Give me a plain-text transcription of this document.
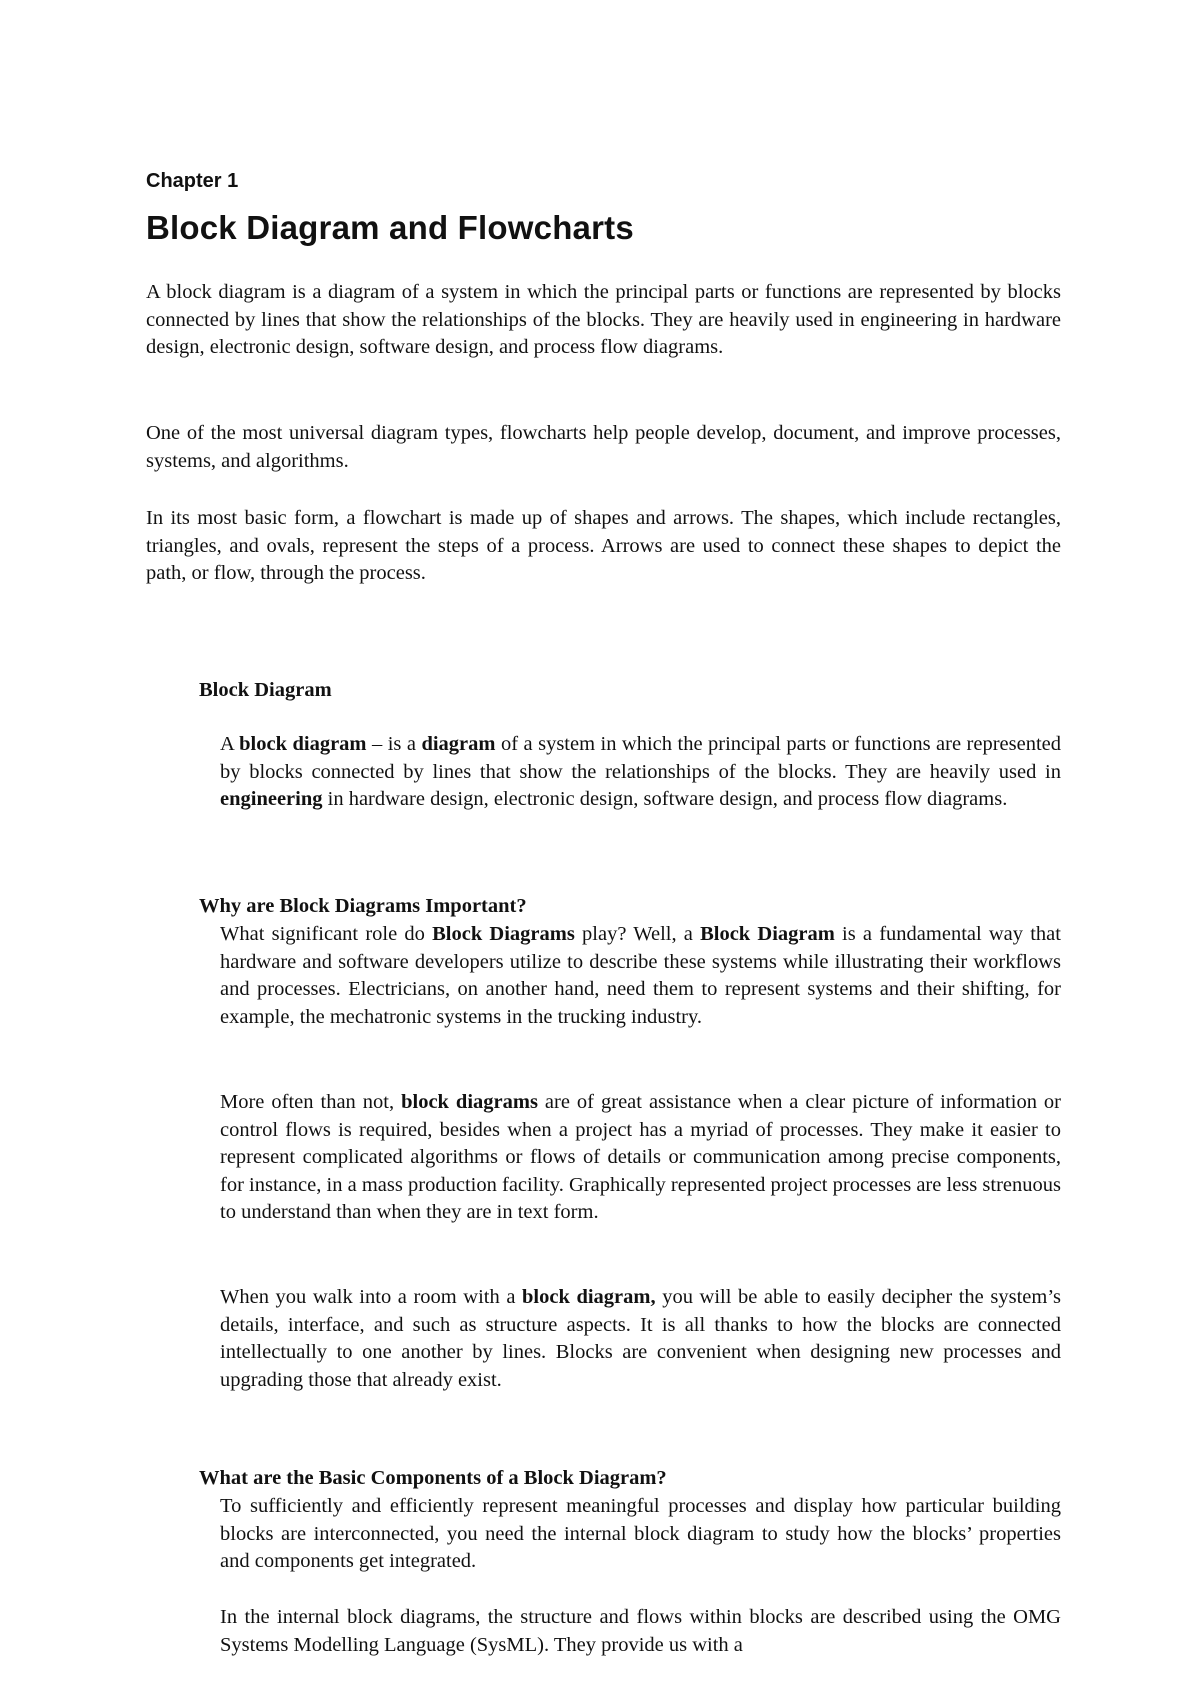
Chapter 1
Block Diagram and Flowcharts

A block diagram is a diagram of a system in which the principal parts or functions are represented by blocks connected by lines that show the relationships of the blocks. They are heavily used in engineering in hardware design, electronic design, software design, and process flow diagrams.

One of the most universal diagram types, flowcharts help people develop, document, and improve processes, systems, and algorithms.

In its most basic form, a flowchart is made up of shapes and arrows. The shapes, which include rectangles, triangles, and ovals, represent the steps of a process. Arrows are used to connect these shapes to depict the path, or flow, through the process.

Block Diagram

A block diagram – is a diagram of a system in which the principal parts or functions are represented by blocks connected by lines that show the relationships of the blocks. They are heavily used in engineering in hardware design, electronic design, software design, and process flow diagrams.

Why are Block Diagrams Important?

What significant role do Block Diagrams play? Well, a Block Diagram is a fundamental way that hardware and software developers utilize to describe these systems while illustrating their workflows and processes. Electricians, on another hand, need them to represent systems and their shifting, for example, the mechatronic systems in the trucking industry.

More often than not, block diagrams are of great assistance when a clear picture of information or control flows is required, besides when a project has a myriad of processes. They make it easier to represent complicated algorithms or flows of details or communication among precise components, for instance, in a mass production facility. Graphically represented project processes are less strenuous to understand than when they are in text form.

When you walk into a room with a block diagram, you will be able to easily decipher the system’s details, interface, and such as structure aspects. It is all thanks to how the blocks are connected intellectually to one another by lines. Blocks are convenient when designing new processes and upgrading those that already exist.

What are the Basic Components of a Block Diagram?

To sufficiently and efficiently represent meaningful processes and display how particular building blocks are interconnected, you need the internal block diagram to study how the blocks’ properties and components get integrated.

In the internal block diagrams, the structure and flows within blocks are described using the OMG Systems Modelling Language (SysML). They provide us with a
